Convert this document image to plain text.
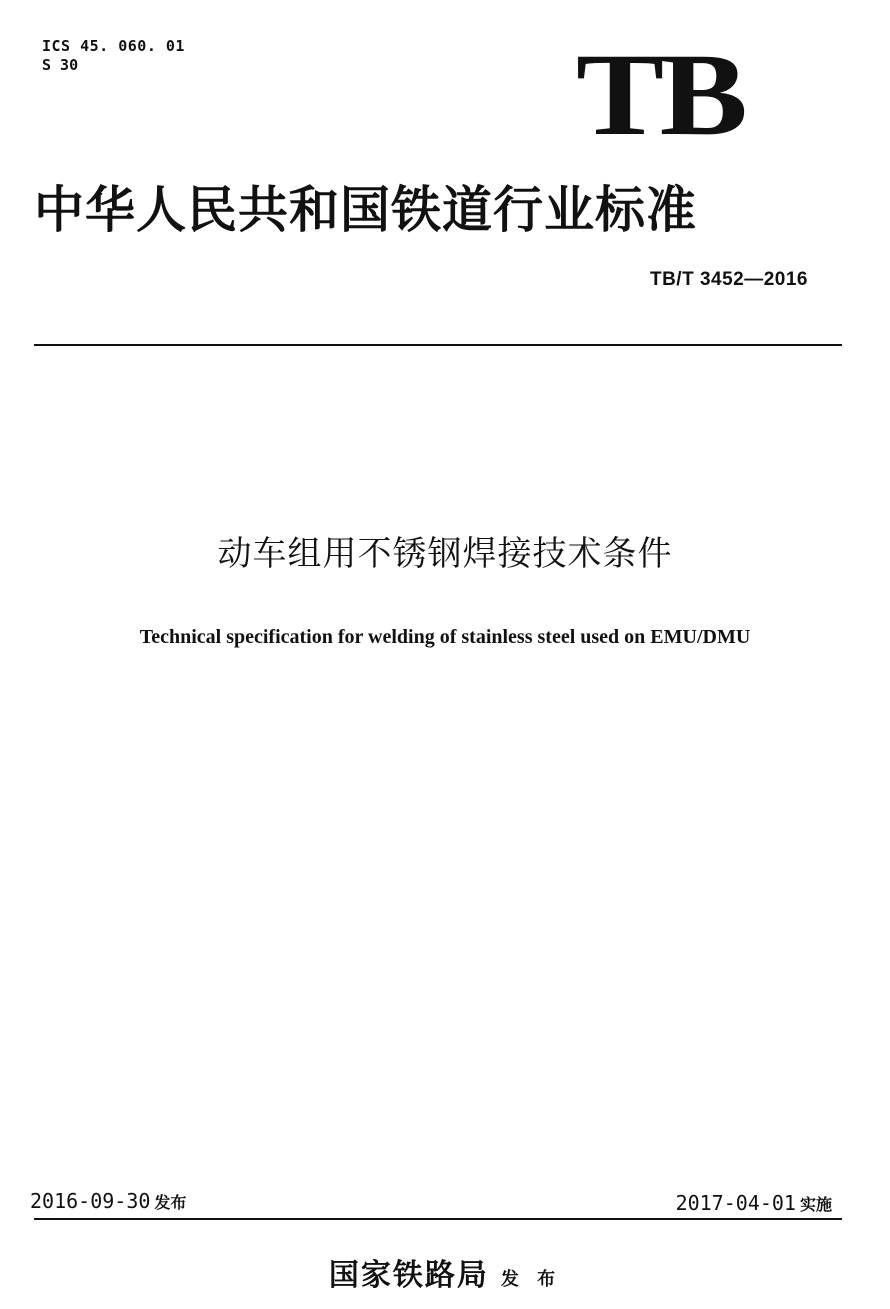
ICS 45. 060. 01
S 30	TB
中华人民共和国铁道行业标准
TB/T 3452—2016
动车组用不锈钢焊接技术条件
Technical specification for welding of stainless steel used on EMU/DMU
2016-09-30 发布	2017-04-01 实施
国家铁路局 发 布
